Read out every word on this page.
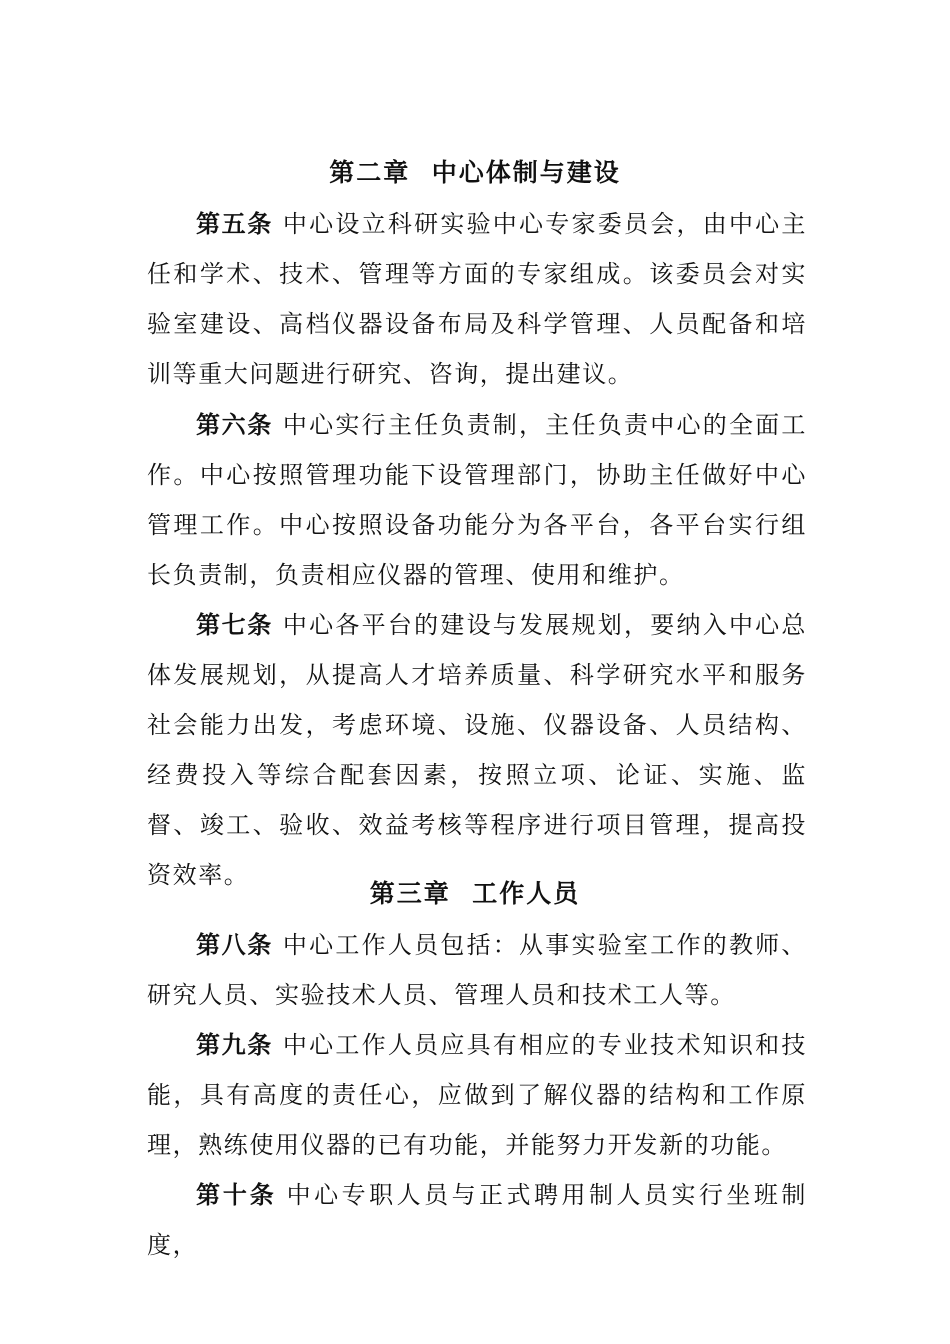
第二章  中心体制与建设

第五条 中心设立科研实验中心专家委员会，由中心主任和学术、技术、管理等方面的专家组成。该委员会对实验室建设、高档仪器设备布局及科学管理、人员配备和培训等重大问题进行研究、咨询，提出建议。

第六条 中心实行主任负责制，主任负责中心的全面工作。中心按照管理功能下设管理部门，协助主任做好中心管理工作。中心按照设备功能分为各平台，各平台实行组长负责制，负责相应仪器的管理、使用和维护。

第七条 中心各平台的建设与发展规划，要纳入中心总体发展规划，从提高人才培养质量、科学研究水平和服务社会能力出发，考虑环境、设施、仪器设备、人员结构、经费投入等综合配套因素，按照立项、论证、实施、监督、竣工、验收、效益考核等程序进行项目管理，提高投资效率。

第三章  工作人员

第八条 中心工作人员包括：从事实验室工作的教师、研究人员、实验技术人员、管理人员和技术工人等。

第九条 中心工作人员应具有相应的专业技术知识和技能，具有高度的责任心，应做到了解仪器的结构和工作原理，熟练使用仪器的已有功能，并能努力开发新的功能。

第十条 中心专职人员与正式聘用制人员实行坐班制度，
